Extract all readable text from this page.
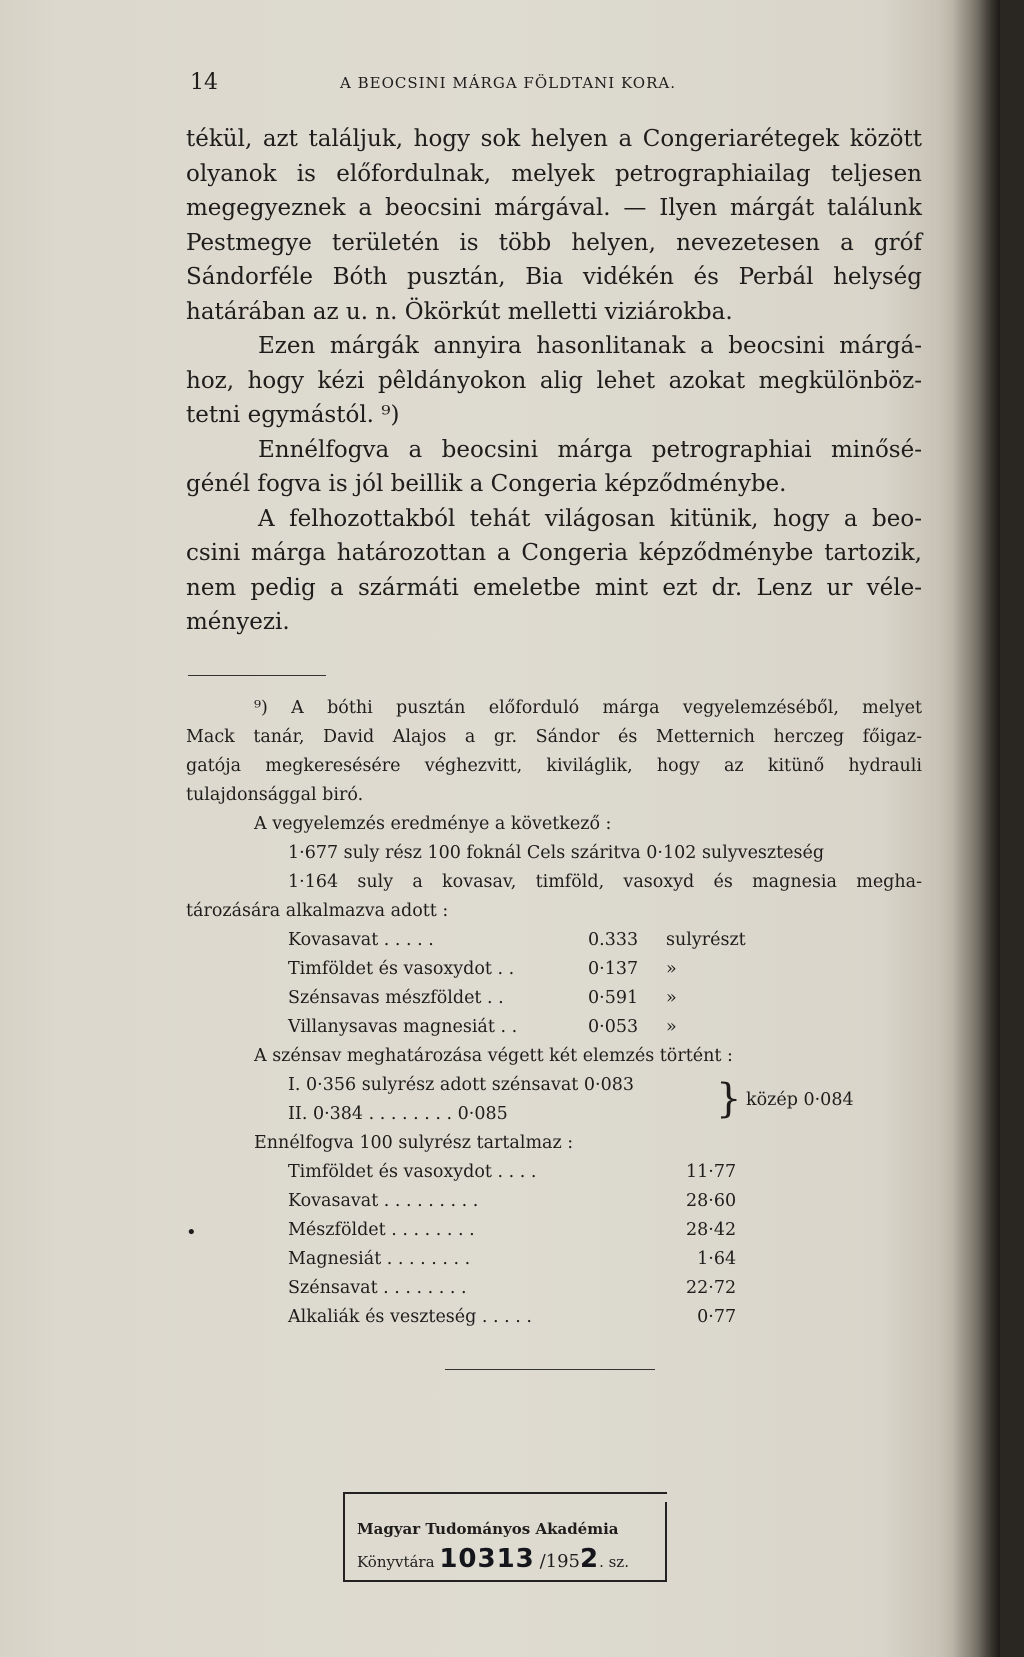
14	A BEOCSINI MÁRGA FÖLDTANI KORA.
tékül, azt találjuk, hogy sok helyen a Congeriarétegek között
olyanok is előfordulnak, melyek petrographiailag teljesen
megegyeznek a beocsini márgával. — Ilyen márgát találunk
Pestmegye területén is több helyen, nevezetesen a gróf
Sándorféle Bóth pusztán, Bia vidékén és Perbál helység
határában az u. n. Ökörkút melletti viziárokba.
Ezen márgák annyira hasonlitanak a beocsini márgá-
hoz, hogy kézi pêldányokon alig lehet azokat megkülönböz-
tetni egymástól. ⁹)
Ennélfogva a beocsini márga petrographiai minősé-
génél fogva is jól beillik a Congeria képződménybe.
A felhozottakból tehát világosan kitünik, hogy a beo-
csini márga határozottan a Congeria képződménybe tartozik,
nem pedig a szármáti emeletbe mint ezt dr. Lenz ur véle-
ményezi.
⁹) A bóthi pusztán előforduló márga vegyelemzéséből, melyet
Mack tanár, David Alajos a gr. Sándor és Metternich herczeg főigaz-
gatója megkeresésére véghezvitt, kiviláglik, hogy az kitünő hydrauli
tulajdonsággal biró.
A vegyelemzés eredménye a következő :
1·677 suly rész 100 foknál Cels száritva 0·102 sulyveszteség
1·164 suly a kovasav, timföld, vasoxyd és magnesia megha-
tározására alkalmazva adott :
Kovasavat . . . . .	0.333	sulyrészt
Timföldet és vasoxydot . .	0·137	»
Szénsavas mészföldet . .	0·591	»
Villanysavas magnesiát . .	0·053	»
A szénsav meghatározása végett két elemzés történt :
I. 0·356 sulyrész adott szénsavat 0·083
II. 0·384 . . . . . . . . 0·085	} közép 0·084
Ennélfogva 100 sulyrész tartalmaz :
Timföldet és vasoxydot . . . .	11·77
Kovasavat . . . . . . . . .	28·60
Mészföldet . . . . . . . .	28·42
Magnesiát . . . . . . . .	1·64
Szénsavat . . . . . . . .	22·72
Alkaliák és veszteség . . . . .	0·77
•
Magyar Tudományos Akadémia
Könyvtára 10313 /1952. sz.
